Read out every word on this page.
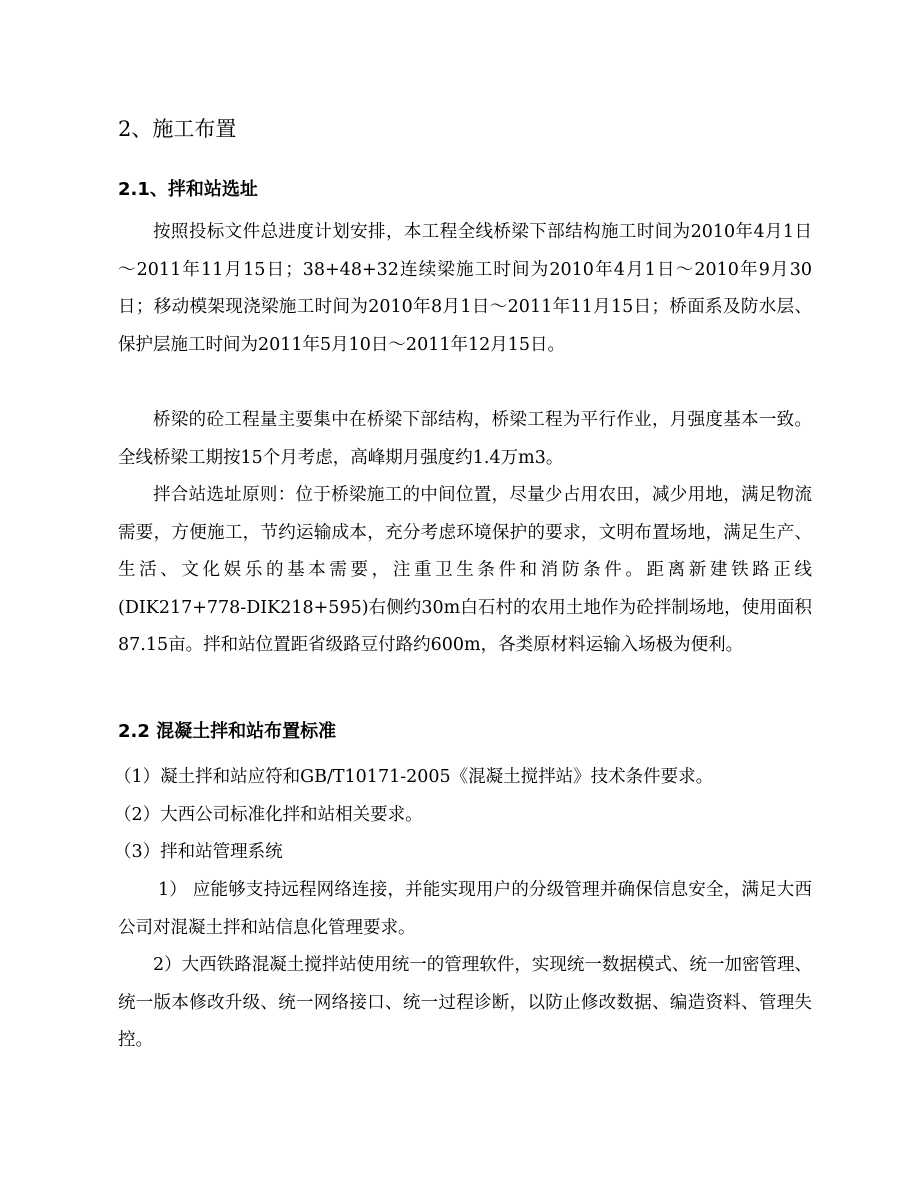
2、施工布置
2.1、拌和站选址

按照投标文件总进度计划安排，本工程全线桥梁下部结构施工时间为2010年4月1日～2011年11月15日；38+48+32连续梁施工时间为2010年4月1日～2010年9月30日；移动模架现浇梁施工时间为2010年8月1日～2011年11月15日；桥面系及防水层、保护层施工时间为2011年5月10日～2011年12月15日。

桥梁的砼工程量主要集中在桥梁下部结构，桥梁工程为平行作业，月强度基本一致。全线桥梁工期按15个月考虑，高峰期月强度约1.4万m3。

拌合站选址原则：位于桥梁施工的中间位置，尽量少占用农田，减少用地，满足物流需要，方便施工，节约运输成本，充分考虑环境保护的要求，文明布置场地，满足生产、生活、文化娱乐的基本需要，注重卫生条件和消防条件。距离新建铁路正线(DIK217+778-DIK218+595)右侧约30m白石村的农用土地作为砼拌制场地，使用面积87.15亩。拌和站位置距省级路豆付路约600m，各类原材料运输入场极为便利。

2.2 混凝土拌和站布置标准

（1）凝土拌和站应符和GB/T10171-2005《混凝土搅拌站》技术条件要求。

（2）大西公司标准化拌和站相关要求。

（3）拌和站管理系统

1） 应能够支持远程网络连接，并能实现用户的分级管理并确保信息安全，满足大西公司对混凝土拌和站信息化管理要求。

2）大西铁路混凝土搅拌站使用统一的管理软件，实现统一数据模式、统一加密管理、统一版本修改升级、统一网络接口、统一过程诊断，以防止修改数据、编造资料、管理失控。
